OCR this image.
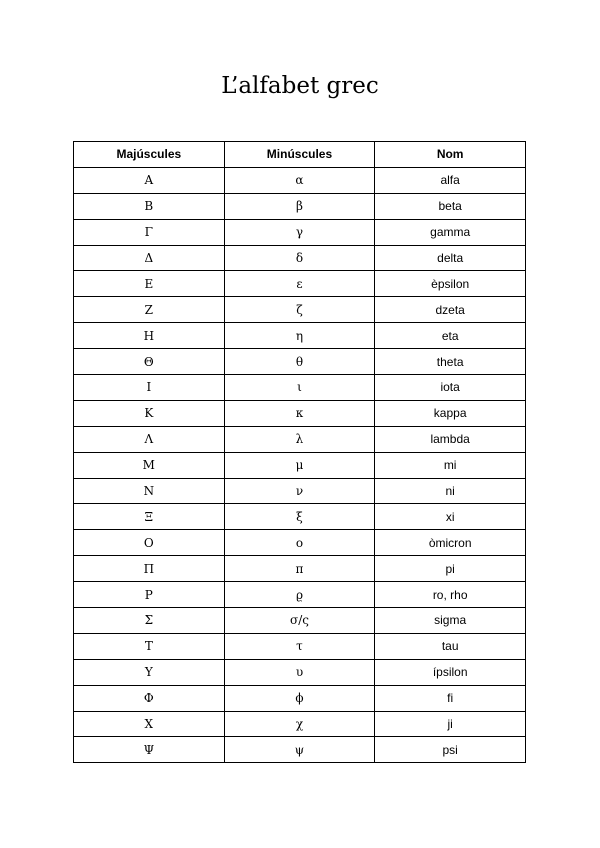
L’alfabet grec
Majúscules	Minúscules	Nom
Α	α	alfa
Β	β	beta
Γ	γ	gamma
Δ	δ	delta
Ε	ε	èpsilon
Ζ	ζ	dzeta
Η	η	eta
Θ	θ	theta
Ι	ι	iota
Κ	κ	kappa
Λ	λ	lambda
Μ	μ	mi
Ν	ν	ni
Ξ	ξ	xi
Ο	ο	òmicron
Π	π	pi
Ρ	ϱ	ro, rho
Σ	σ/ς	sigma
Τ	τ	tau
Υ	υ	ípsilon
Φ	ϕ	fi
Χ	χ	ji
Ψ	ψ	psi
